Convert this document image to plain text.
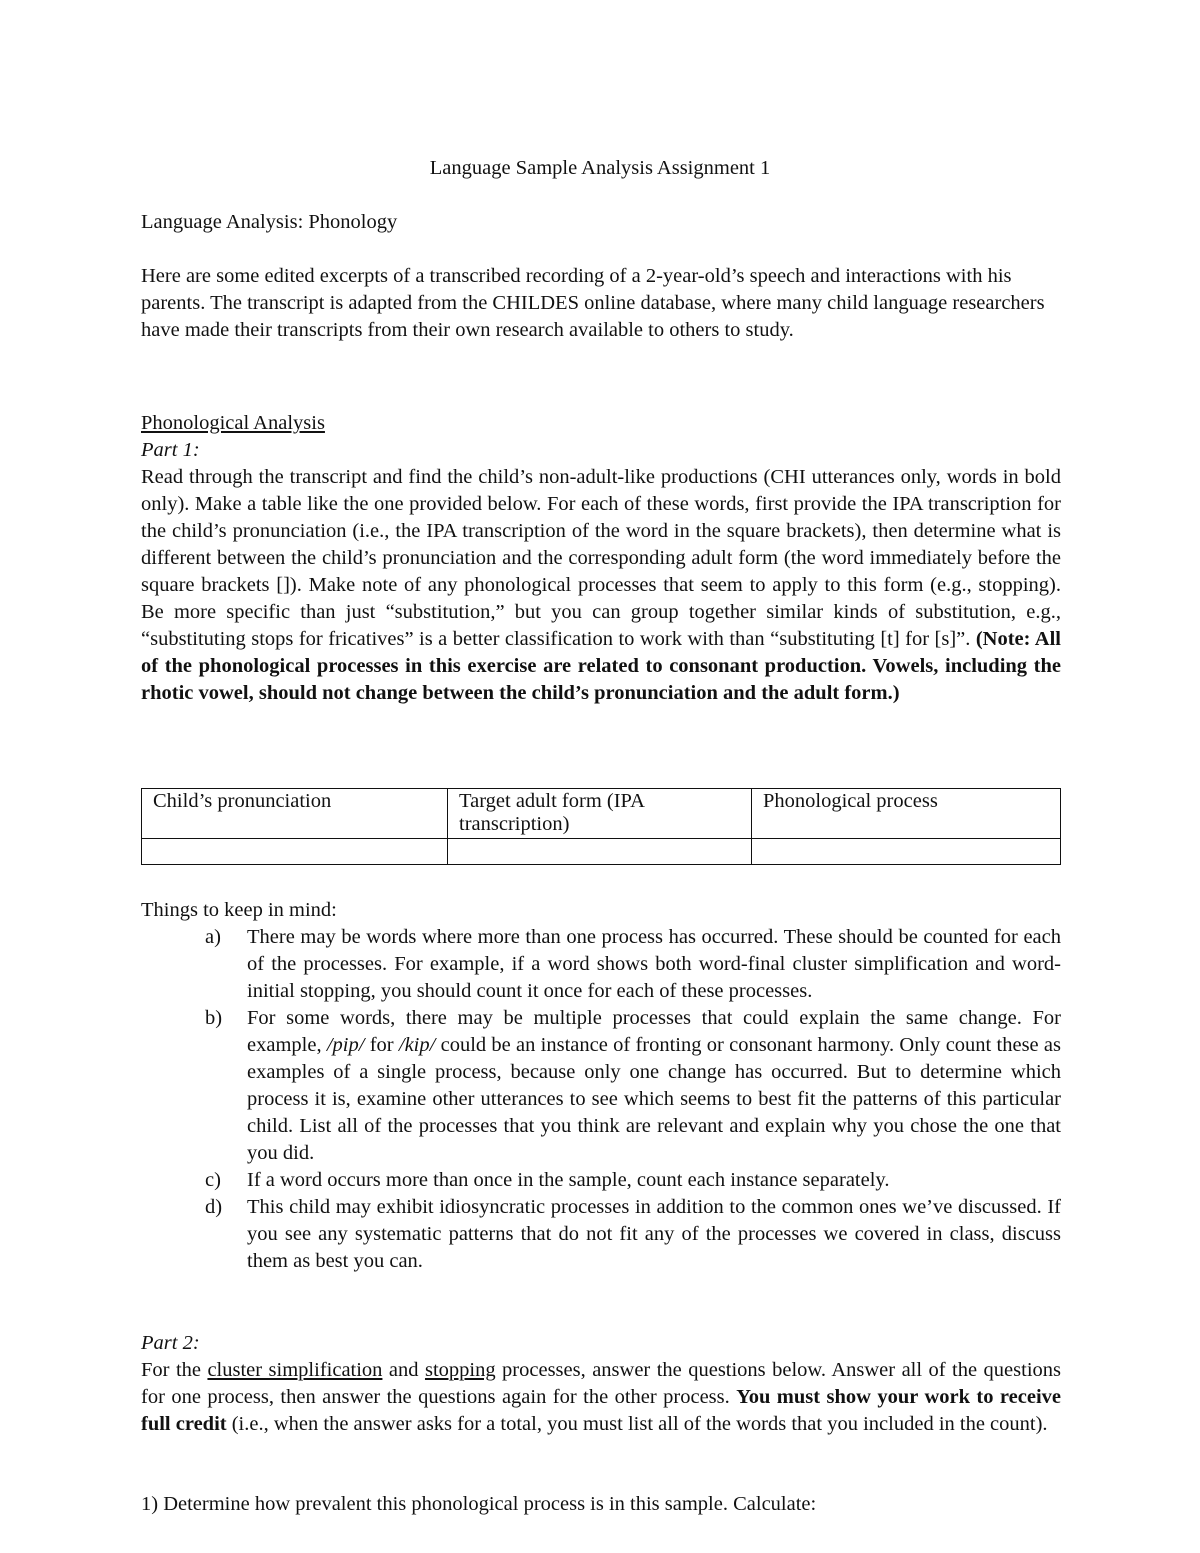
Language Sample Analysis Assignment 1
Language Analysis: Phonology
Here are some edited excerpts of a transcribed recording of a 2-year-old’s speech and interactions with his parents. The transcript is adapted from the CHILDES online database, where many child language researchers have made their transcripts from their own research available to others to study.
Phonological Analysis
Part 1:
Read through the transcript and find the child’s non-adult-like productions (CHI utterances only, words in bold only). Make a table like the one provided below. For each of these words, first provide the IPA transcription for the child’s pronunciation (i.e., the IPA transcription of the word in the square brackets), then determine what is different between the child’s pronunciation and the corresponding adult form (the word immediately before the square brackets []). Make note of any phonological processes that seem to apply to this form (e.g., stopping). Be more specific than just “substitution,” but you can group together similar kinds of substitution, e.g., “substituting stops for fricatives” is a better classification to work with than “substituting [t] for [s]”. (Note: All of the phonological processes in this exercise are related to consonant production. Vowels, including the rhotic vowel, should not change between the child’s pronunciation and the adult form.)
Child’s pronunciation	Target adult form (IPA transcription)	Phonological process

Things to keep in mind:
a) There may be words where more than one process has occurred. These should be counted for each of the processes. For example, if a word shows both word-final cluster simplification and word-initial stopping, you should count it once for each of these processes.
b) For some words, there may be multiple processes that could explain the same change. For example, /pip/ for /kip/ could be an instance of fronting or consonant harmony. Only count these as examples of a single process, because only one change has occurred. But to determine which process it is, examine other utterances to see which seems to best fit the patterns of this particular child. List all of the processes that you think are relevant and explain why you chose the one that you did.
c) If a word occurs more than once in the sample, count each instance separately.
d) This child may exhibit idiosyncratic processes in addition to the common ones we’ve discussed. If you see any systematic patterns that do not fit any of the processes we covered in class, discuss them as best you can.
Part 2:
For the cluster simplification and stopping processes, answer the questions below. Answer all of the questions for one process, then answer the questions again for the other process. You must show your work to receive full credit (i.e., when the answer asks for a total, you must list all of the words that you included in the count).
1) Determine how prevalent this phonological process is in this sample. Calculate:
